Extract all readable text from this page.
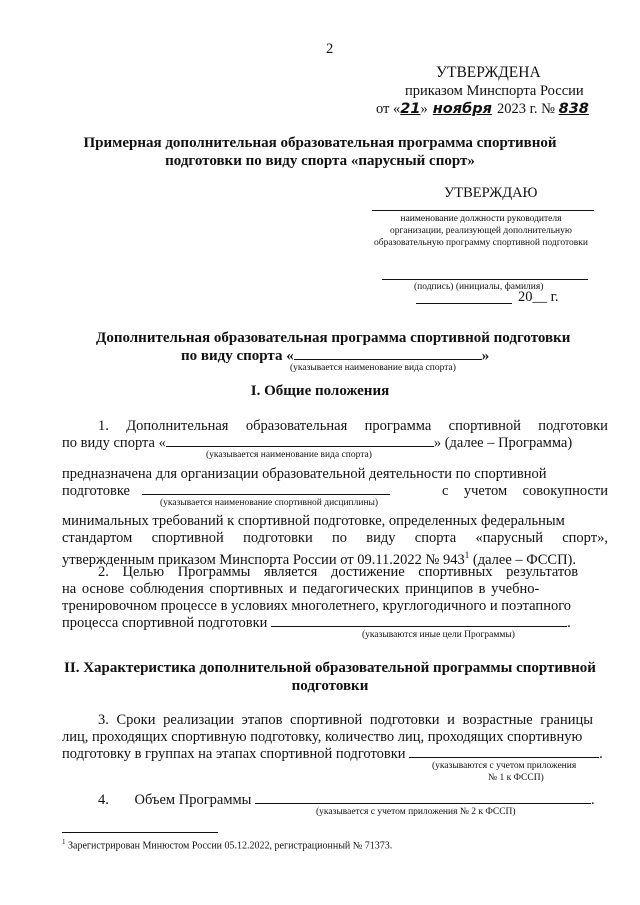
2
УТВЕРЖДЕНА
приказом Минспорта России
от «21» ноября 2023 г. № 838
Примерная дополнительная образовательная программа спортивной
подготовки по виду спорта «парусный спорт»
УТВЕРЖДАЮ
наименование должности руководителя
организации, реализующей дополнительную
образовательную программу спортивной подготовки
(подпись) (инициалы, фамилия)
20__ г.
Дополнительная образовательная программа спортивной подготовки
по виду спорта «	»
(указывается наименование вида спорта)
I. Общие положения
1. Дополнительная образовательная программа спортивной подготовки
по виду спорта «	» (далее – Программа)
(указывается наименование вида спорта)
предназначена для организации образовательной деятельности по спортивной
подготовке	с учетом совокупности
(указывается наименование спортивной дисциплины)
минимальных требований к спортивной подготовке, определенных федеральным
стандартом спортивной подготовки по виду спорта «парусный спорт»,
утвержденным приказом Минспорта России от 09.11.2022 № $943^1$ (далее – ФССП).
2. Целью Программы является достижение спортивных результатов
на основе соблюдения спортивных и педагогических принципов в учебно-
тренировочном процессе в условиях многолетнего, круглогодичного и поэтапного
процесса спортивной подготовки	.
(указываются иные цели Программы)
II. Характеристика дополнительной образовательной программы спортивной
подготовки
3. Сроки реализации этапов спортивной подготовки и возрастные границы
лиц, проходящих спортивную подготовку, количество лиц, проходящих спортивную
подготовку в группах на этапах спортивной подготовки	.
(указываются с учетом приложения
№ 1 к ФССП)
4. Объем Программы	.
(указывается с учетом приложения № 2 к ФССП)
$^1$ Зарегистрирован Минюстом России 05.12.2022, регистрационный № 71373.
